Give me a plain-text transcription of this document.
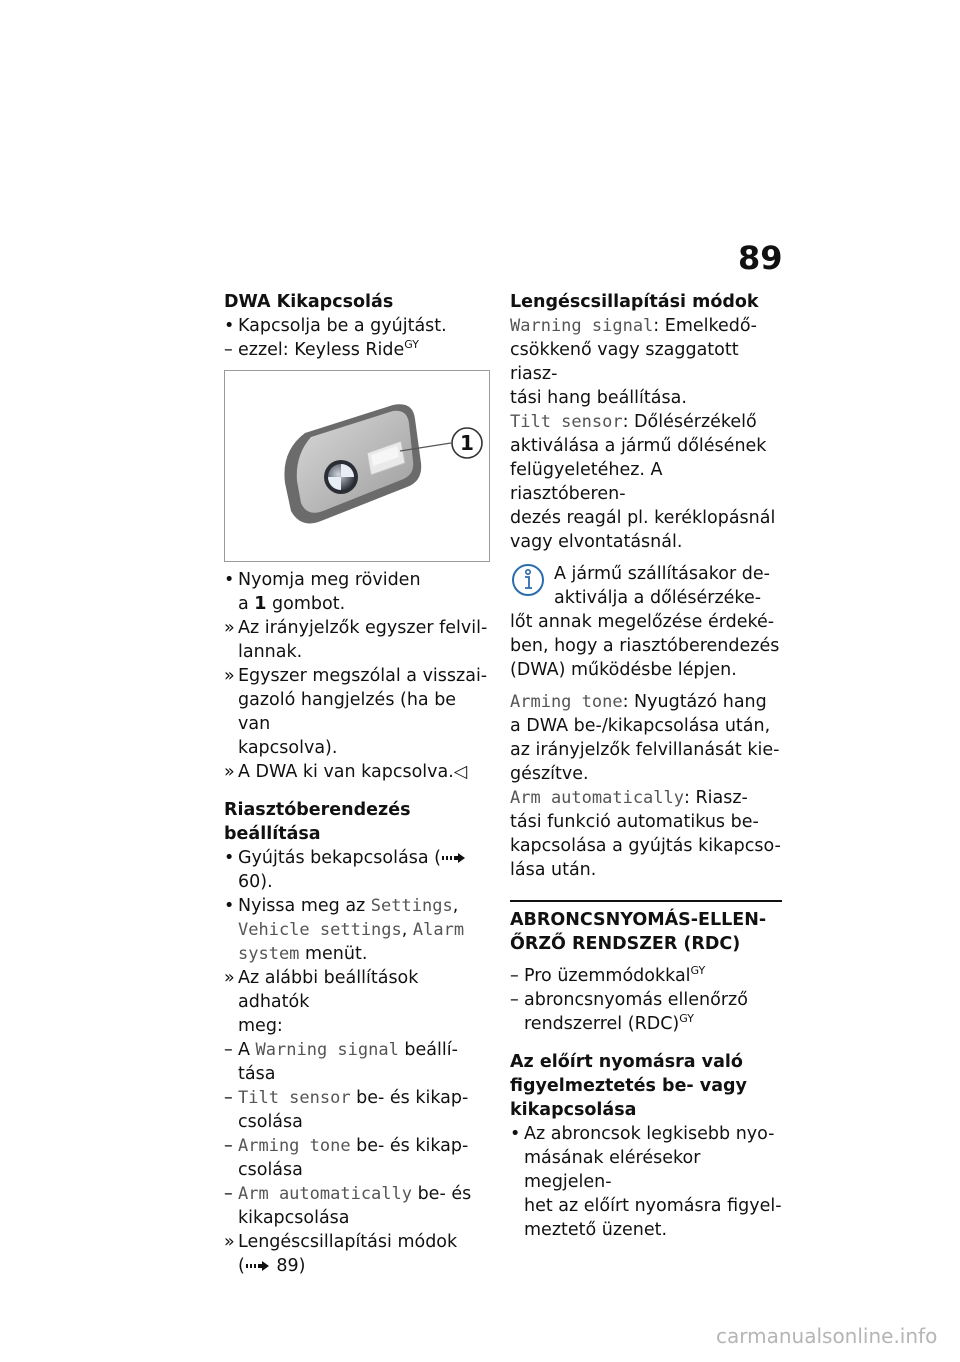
89

DWA Kikapcsolás

• Kapcsolja be a gyújtást.
– ezzel: Keyless Ride$^{GY}$
1
• Nyomja meg röviden
a 1 gombot.
» Az irányjelzők egyszer felvil-
lannak.
» Egyszer megszólal a visszai-
gazoló hangjelzés (ha be van
kapcsolva).
» A DWA ki van kapcsolva.◁

Riasztóberendezés beállítása

• Gyújtás bekapcsolása ( 60).
• Nyissa meg az Settings,
Vehicle settings, Alarm
system menüt.
» Az alábbi beállítások adhatók
meg:
– A Warning signal beállí-
tása
– Tilt sensor be- és kikap-
csolása
– Arming tone be- és kikap-
csolása
– Arm automatically be- és
kikapcsolása
» Lengéscsillapítási módok
( 89)

Lengéscsillapítási módok

Warning signal: Emelkedő-
csökkenő vagy szaggatott riasz-
tási hang beállítása.

Tilt sensor: Dőlésérzékelő
aktiválása a jármű dőlésének
felügyeletéhez. A riasztóberen-
dezés reagál pl. keréklopásnál
vagy elvontatásnál.

A jármű szállításakor de-
aktiválja a dőlésérzéke-

lőt annak megelőzése érdeké-
ben, hogy a riasztóberendezés
(DWA) működésbe lépjen.

Arming tone: Nyugtázó hang
a DWA be-/kikapcsolása után,
az irányjelzők felvillanását kie-
gészítve.

Arm automatically: Riasz-
tási funkció automatikus be-
kapcsolása a gyújtás kikapcso-
lása után.

ABRONCSNYOMÁS-ELLEN-
ŐRZŐ RENDSZER (RDC)

– Pro üzemmódokkal$^{GY}$
– abroncsnyomás ellenőrző
rendszerrel (RDC)$^{GY}$

Az előírt nyomásra való
figyelmeztetés be- vagy
kikapcsolása

• Az abroncsok legkisebb nyo-
másának elérésekor megjelen-
het az előírt nyomásra figyel-
meztető üzenet.
carmanualsonline.info
